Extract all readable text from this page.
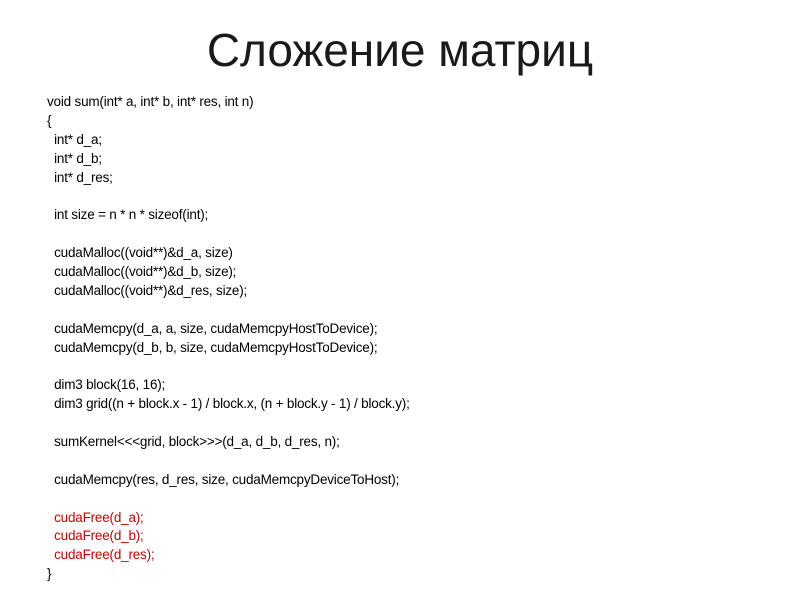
Сложение матриц
void sum(int* a, int* b, int* res, int n)
{
int* d_a;
int* d_b;
int* d_res;
int size = n * n * sizeof(int);
cudaMalloc((void**)&d_a, size)
cudaMalloc((void**)&d_b, size);
cudaMalloc((void**)&d_res, size);
cudaMemcpy(d_a, a, size, cudaMemcpyHostToDevice);
cudaMemcpy(d_b, b, size, cudaMemcpyHostToDevice);
dim3 block(16, 16);
dim3 grid((n + block.x - 1) / block.x, (n + block.y - 1) / block.y);
sumKernel<<<grid, block>>>(d_a, d_b, d_res, n);
cudaMemcpy(res, d_res, size, cudaMemcpyDeviceToHost);
cudaFree(d_a);
cudaFree(d_b);
cudaFree(d_res);
}
